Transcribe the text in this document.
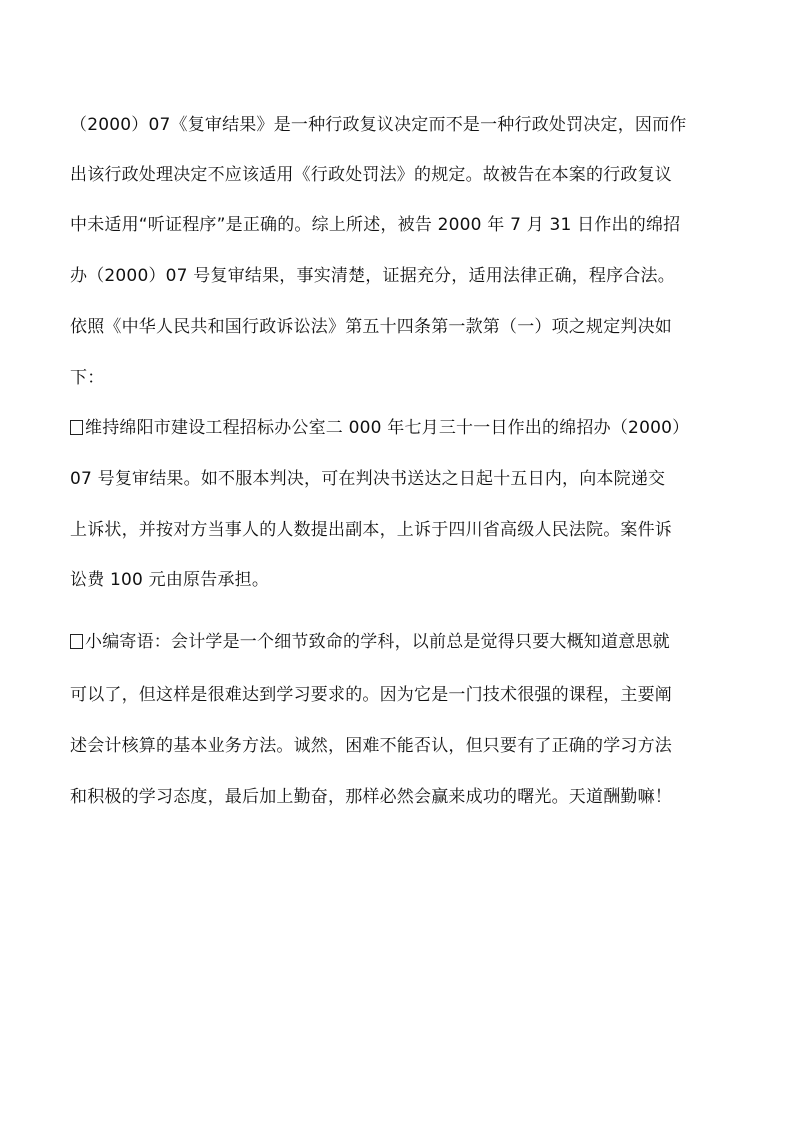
（2000）07《复审结果》是一种行政复议决定而不是一种行政处罚决定，因而作
出该行政处理决定不应该适用《行政处罚法》的规定。故被告在本案的行政复议
中未适用“听证程序”是正确的。综上所述，被告 2000 年 7 月 31 日作出的绵招
办（2000）07 号复审结果，事实清楚，证据充分，适用法律正确，程序合法。
依照《中华人民共和国行政诉讼法》第五十四条第一款第（一）项之规定判决如
下：
维持绵阳市建设工程招标办公室二 000 年七月三十一日作出的绵招办（2000）
07 号复审结果。如不服本判决，可在判决书送达之日起十五日内，向本院递交
上诉状，并按对方当事人的人数提出副本，上诉于四川省高级人民法院。案件诉
讼费 100 元由原告承担。
小编寄语：会计学是一个细节致命的学科，以前总是觉得只要大概知道意思就
可以了，但这样是很难达到学习要求的。因为它是一门技术很强的课程，主要阐
述会计核算的基本业务方法。诚然，困难不能否认，但只要有了正确的学习方法
和积极的学习态度，最后加上勤奋，那样必然会赢来成功的曙光。天道酬勤嘛！
